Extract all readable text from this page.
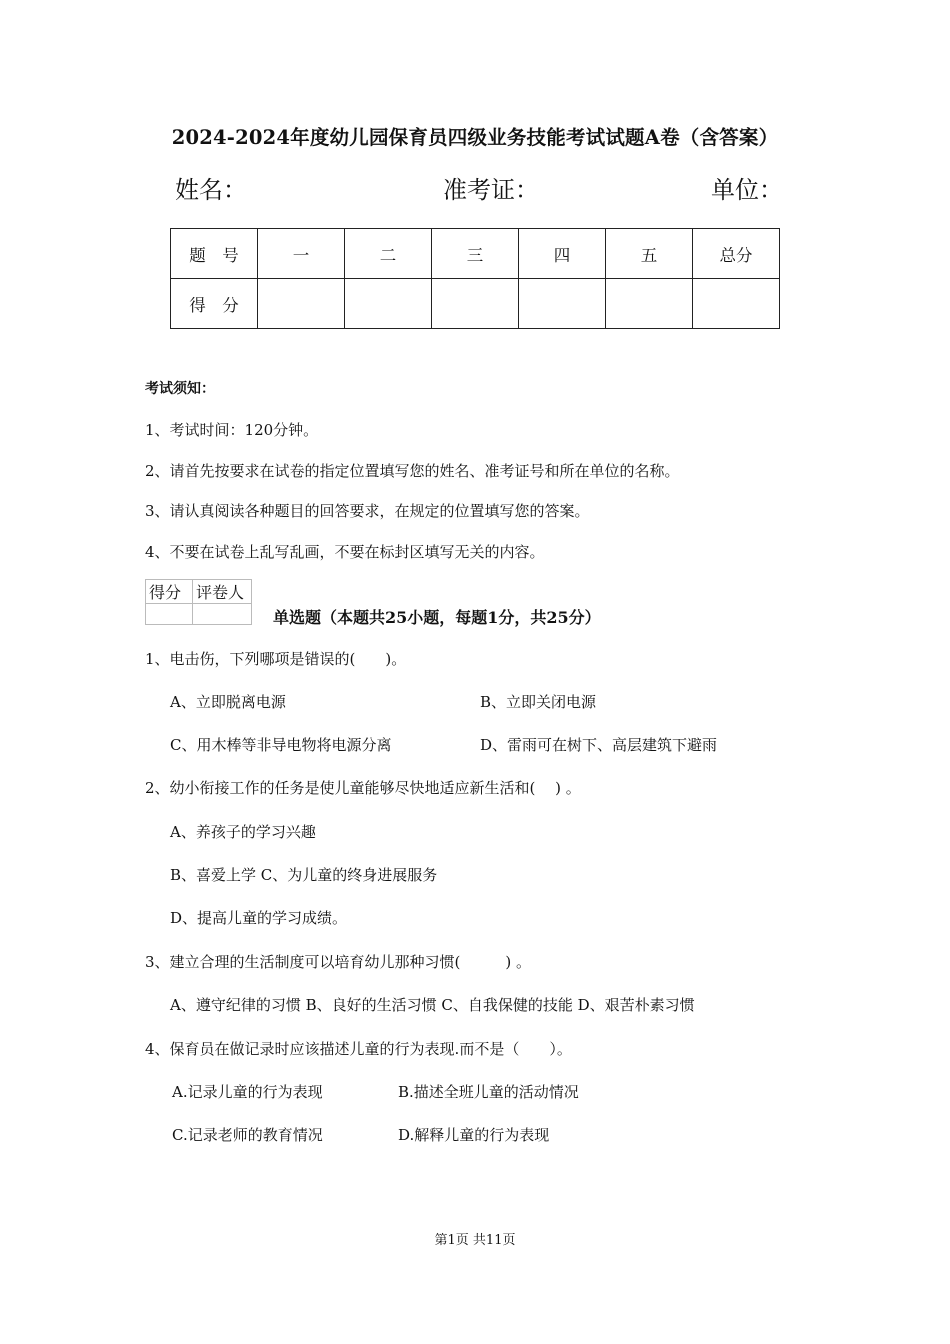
2024-2024年度幼儿园保育员四级业务技能考试试题A卷（含答案）
姓名：	准考证：	单位：
题　号	一	二	三	四	五	总分
得　分						
考试须知：
1、考试时间：120分钟。
2、请首先按要求在试卷的指定位置填写您的姓名、准考证号和所在单位的名称。
3、请认真阅读各种题目的回答要求，在规定的位置填写您的答案。
4、不要在试卷上乱写乱画，不要在标封区填写无关的内容。
得分	评卷人

单选题（本题共25小题，每题1分，共25分）
1、电击伤，下列哪项是错误的(　　)。
A、立即脱离电源	B、立即关闭电源
C、用木棒等非导电物将电源分离	D、雷雨可在树下、高层建筑下避雨
2、幼小衔接工作的任务是使儿童能够尽快地适应新生活和(　 ) 。
A、养孩子的学习兴趣
B、喜爱上学 C、为儿童的终身进展服务
D、提高儿童的学习成绩。
3、建立合理的生活制度可以培育幼儿那种习惯(　　　) 。
A、遵守纪律的习惯 B、良好的生活习惯 C、自我保健的技能 D、艰苦朴素习惯
4、保育员在做记录时应该描述儿童的行为表现.而不是（　　）。
A.记录儿童的行为表现	B.描述全班儿童的活动情况
C.记录老师的教育情况	D.解释儿童的行为表现
第1页 共11页
